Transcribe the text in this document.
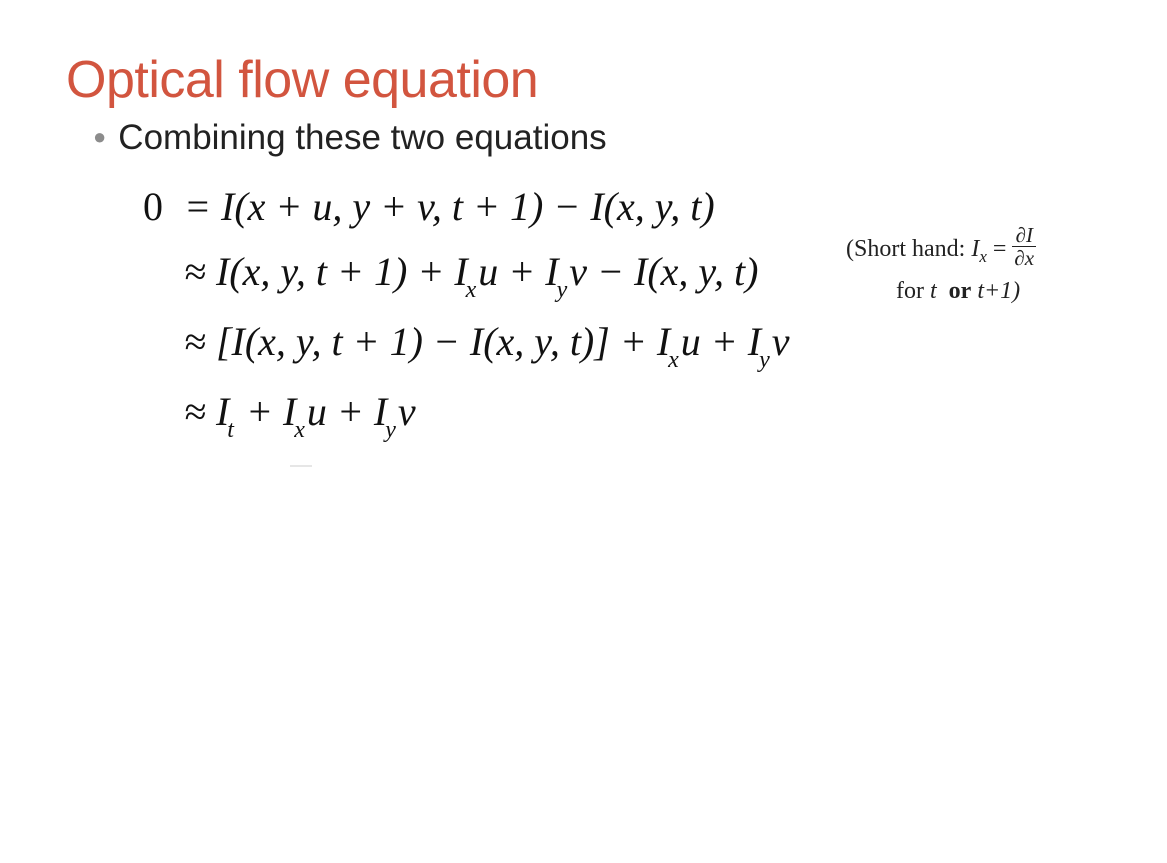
Optical flow equation
● Combining these two equations
0 = I(x + u, y + v, t + 1) − I(x, y, t)
≈ I(x, y, $t + 1) + I_xu + I_yv - I(x$, y, t)
≈ [I(x, y, t + 1) − I(x, y, $t)] + I_xu + I_yv$
≈ $I_t + I_xu + I_yv$
(Short hand: $I_x = \frac{\partial I}{\partial x}$
for t or t+1)
